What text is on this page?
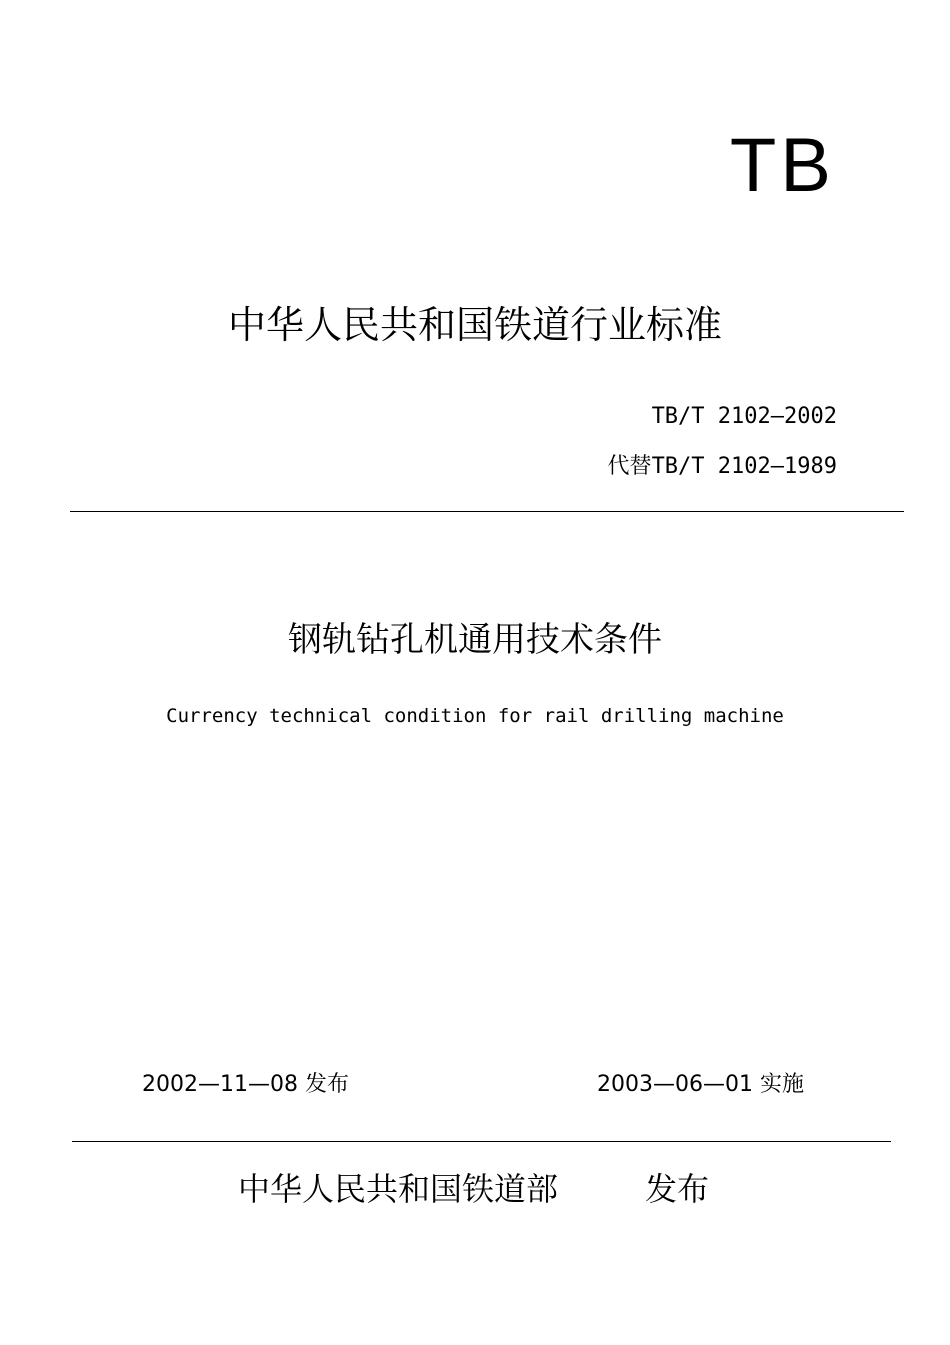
TB
中华人民共和国铁道行业标准
TB/T 2102—2002
代替TB/T 2102—1989
钢轨钻孔机通用技术条件
Currency technical condition for rail drilling machine
2002—11—08 发布	2003—06—01 实施
中华人民共和国铁道部	发布
